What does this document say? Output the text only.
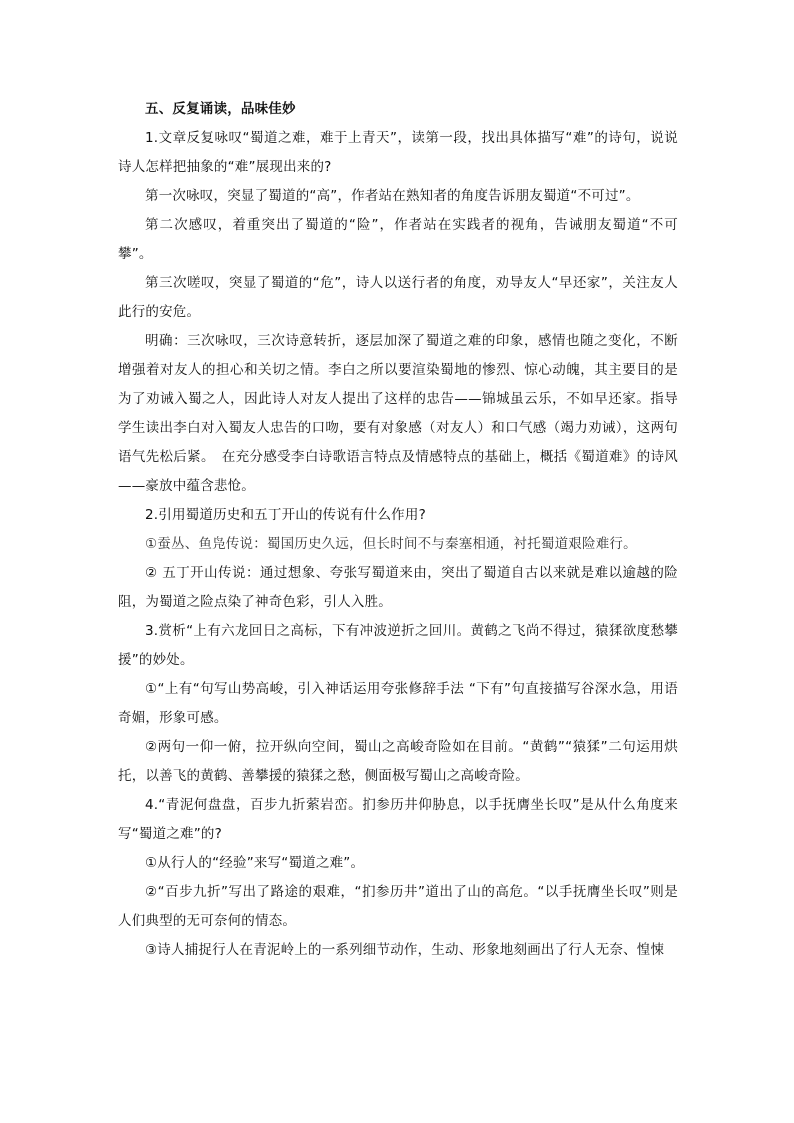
五、反复诵读，品味佳妙

1.文章反复咏叹“蜀道之难，难于上青天”，读第一段，找出具体描写“难”的诗句，说说诗人怎样把抽象的“难”展现出来的?

第一次咏叹，突显了蜀道的“高”，作者站在熟知者的角度告诉朋友蜀道“不可过”。

第二次感叹，着重突出了蜀道的“险”，作者站在实践者的视角，告诫朋友蜀道“不可攀”。

第三次嗟叹，突显了蜀道的“危”，诗人以送行者的角度，劝导友人“早还家”，关注友人此行的安危。

明确：三次咏叹，三次诗意转折，逐层加深了蜀道之难的印象，感情也随之变化，不断增强着对友人的担心和关切之情。李白之所以要渲染蜀地的惨烈、惊心动魄，其主要目的是为了劝诫入蜀之人，因此诗人对友人提出了这样的忠告——锦城虽云乐，不如早还家。指导学生读出李白对入蜀友人忠告的口吻，要有对象感（对友人）和口气感（竭力劝诫），这两句语气先松后紧。　在充分感受李白诗歌语言特点及情感特点的基础上，概括《蜀道难》的诗风——豪放中蕴含悲怆。

2.引用蜀道历史和五丁开山的传说有什么作用?

①蚕丛、鱼凫传说：蜀国历史久远，但长时间不与秦塞相通，衬托蜀道艰险难行。

② 五丁开山传说：通过想象、夸张写蜀道来由，突出了蜀道自古以来就是难以逾越的险阻，为蜀道之险点染了神奇色彩，引人入胜。

3.赏析“上有六龙回日之高标，下有冲波逆折之回川。黄鹤之飞尚不得过，猿猱欲度愁攀援”的妙处。

①“上有“句写山势高峻，引入神话运用夸张修辞手法 “下有”句直接描写谷深水急，用语奇媚，形象可感。

②两句一仰一俯，拉开纵向空间，蜀山之高峻奇险如在目前。“黄鹤”“猿猱”二句运用烘托，以善飞的黄鹤、善攀援的猿猱之愁，侧面极写蜀山之高峻奇险。

4.“青泥何盘盘，百步九折萦岩峦。扪参历井仰胁息，以手抚膺坐长叹”是从什么角度来写“蜀道之难”的?

①从行人的“经验”来写“蜀道之难”。

②“百步九折”写出了路途的艰难，“扪参历井”道出了山的高危。“以手抚膺坐长叹”则是人们典型的无可奈何的情态。

③诗人捕捉行人在青泥岭上的一系列细节动作，生动、形象地刻画出了行人无奈、惶悚
